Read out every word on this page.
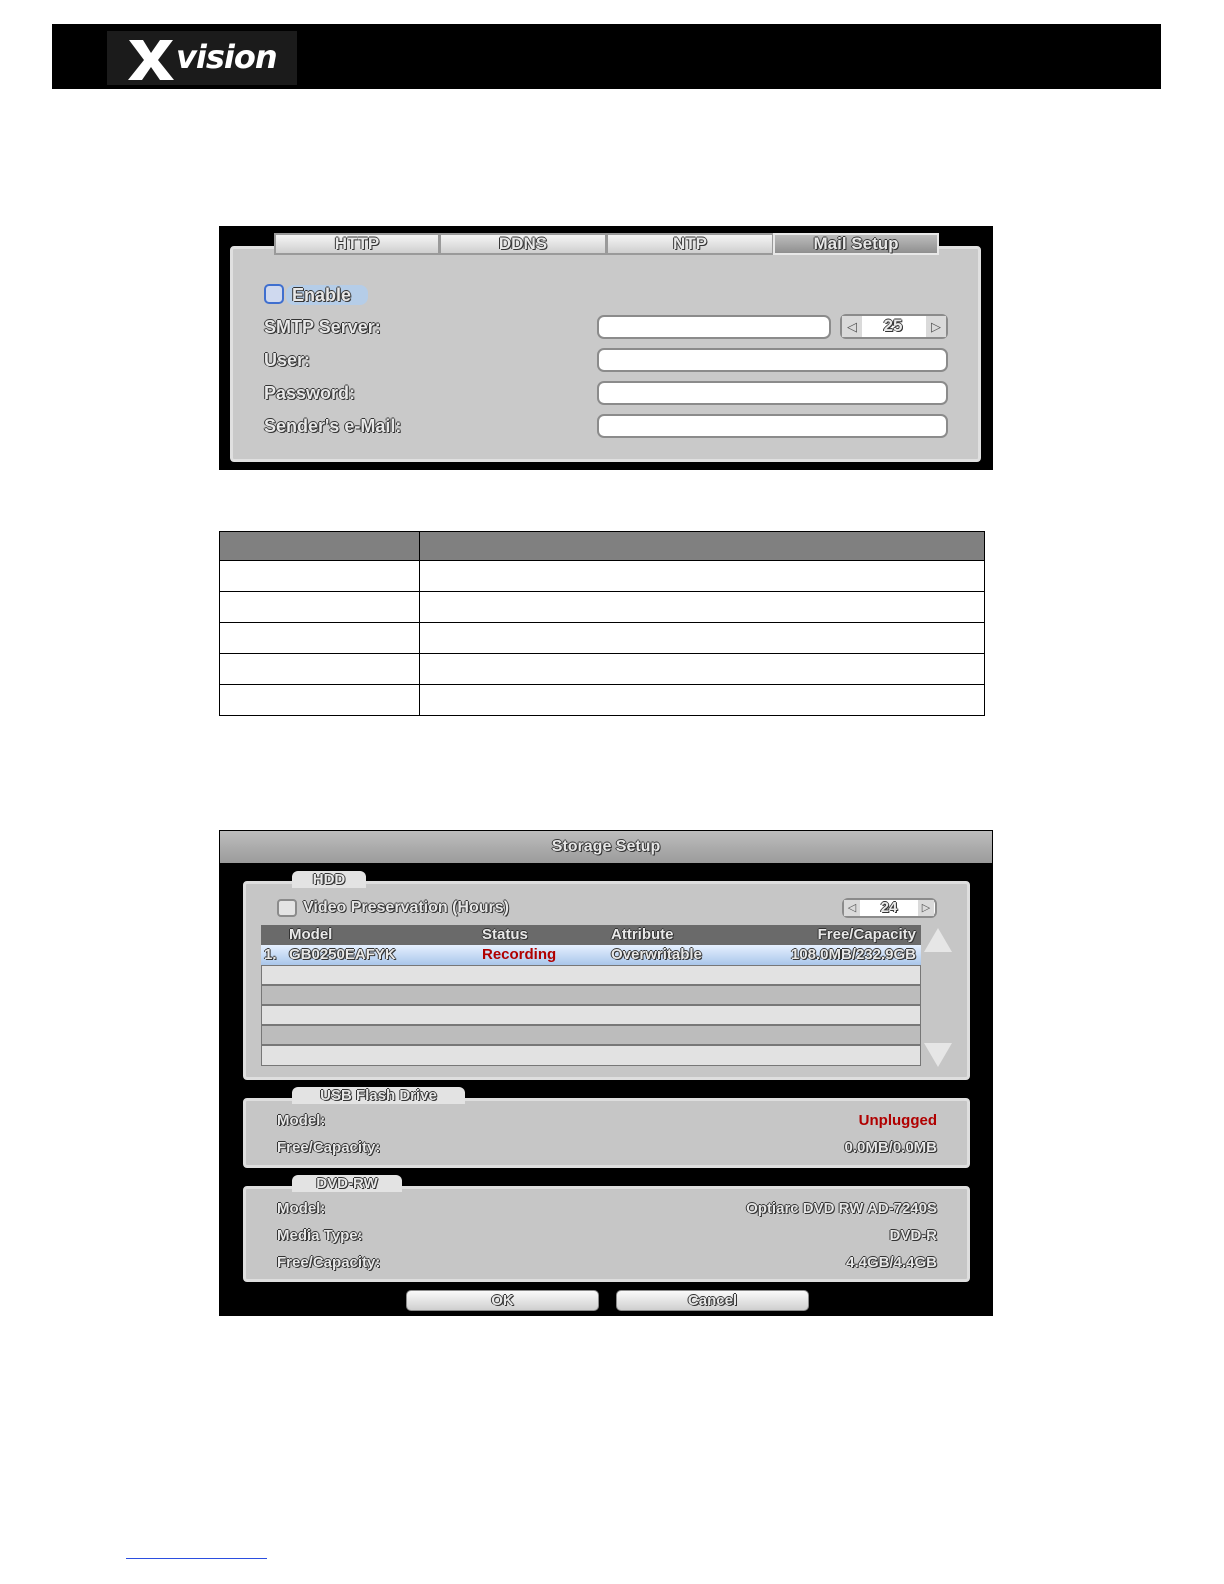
vision
HTTP	DDNS	NTP	Mail Setup
Enable
SMTP Server:
User:
Password:
Sender's e-Mail:
◁	▷
25

Storage Setup
HDD
Video Preservation (Hours)	◁	▷
24
Model	Status	Attribute	Free/Capacity
1. GB0250EAFYK	Recording	Overwritable	108.0MB/232.9GB
USB Flash Drive
Model:	Unplugged
Free/Capacity:	0.0MB/0.0MB
DVD-RW
Model:	Optiarc DVD RW AD-7240S
Media Type:	DVD-R
Free/Capacity:	4.4GB/4.4GB
OK	Cancel
